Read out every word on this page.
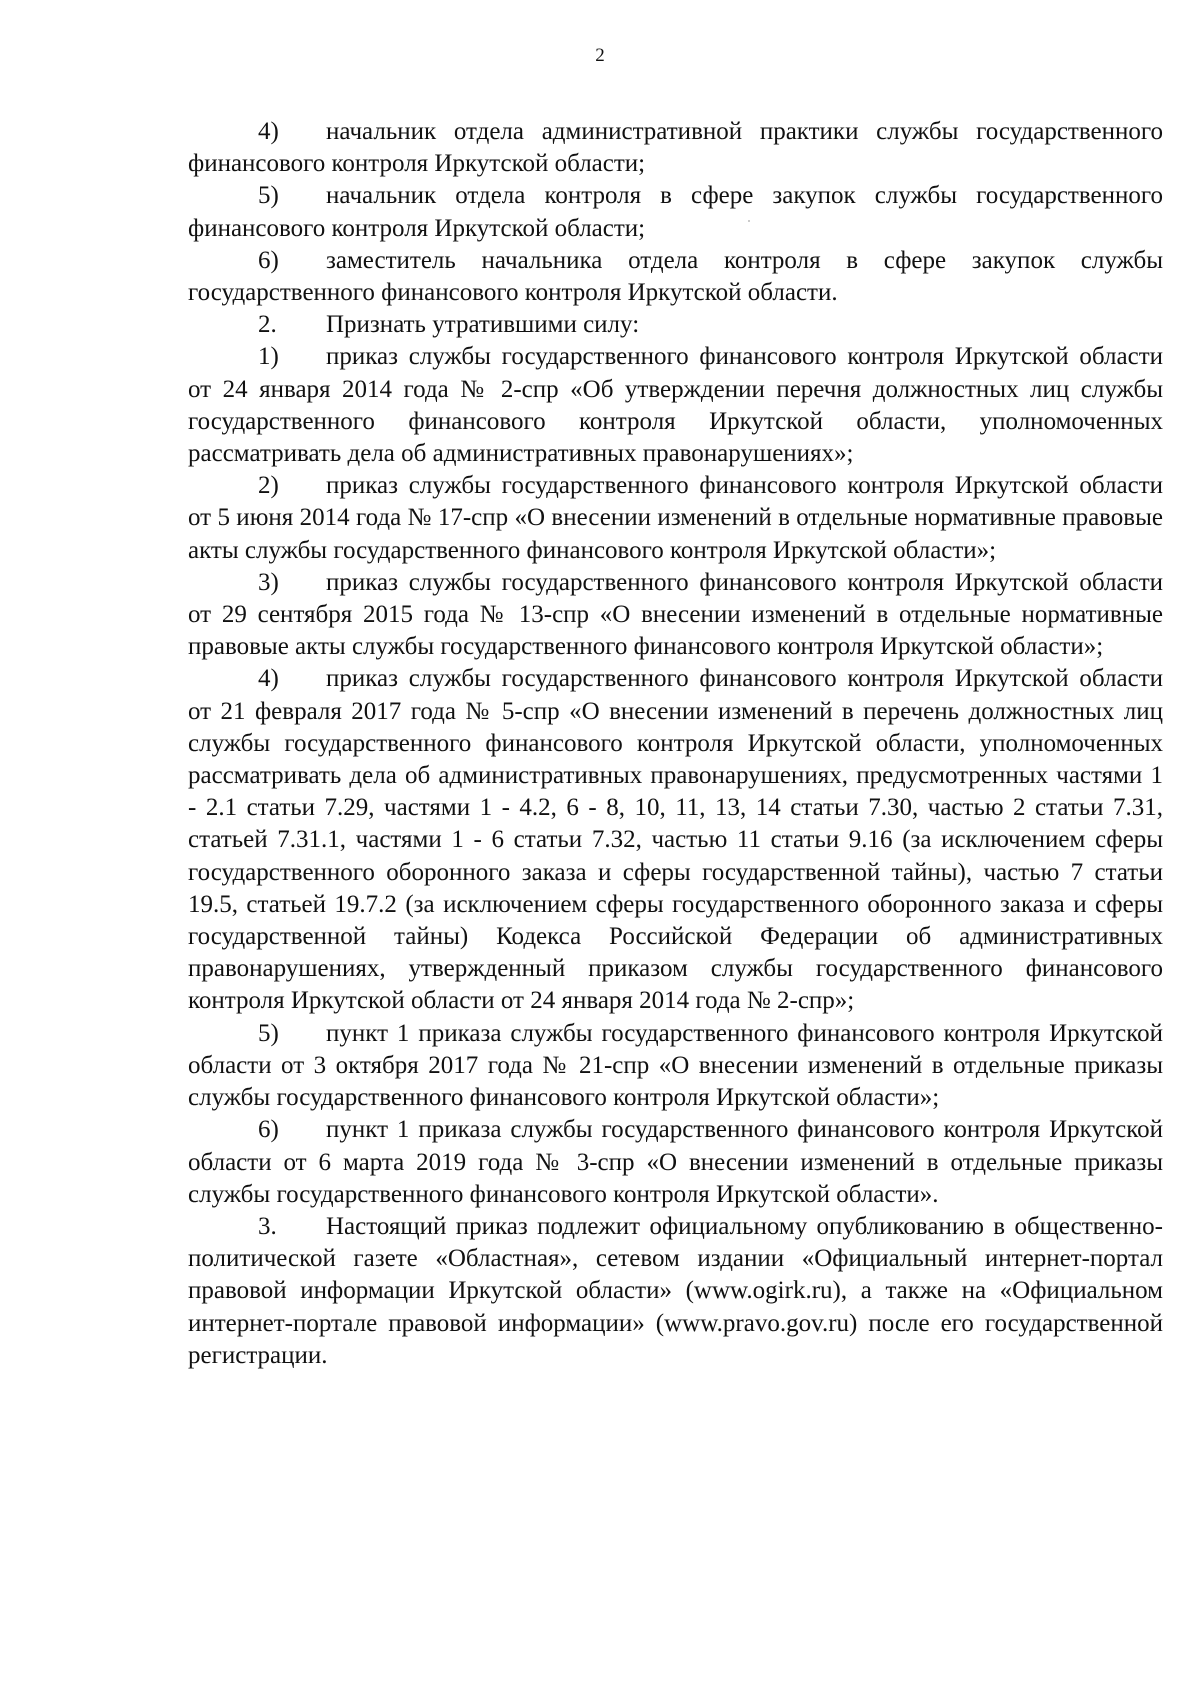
2

4) начальник отдела административной практики службы государственного финансового контроля Иркутской области;

5) начальник отдела контроля в сфере закупок службы государственного финансового контроля Иркутской области;

6) заместитель начальника отдела контроля в сфере закупок службы государственного финансового контроля Иркутской области.

2. Признать утратившими силу:

1) приказ службы государственного финансового контроля Иркутской области от 24 января 2014 года № 2-спр «Об утверждении перечня должностных лиц службы государственного финансового контроля Иркутской области, уполномоченных рассматривать дела об административных правонарушениях»;

2) приказ службы государственного финансового контроля Иркутской области от 5 июня 2014 года № 17-спр «О внесении изменений в отдельные нормативные правовые акты службы государственного финансового контроля Иркутской области»;

3) приказ службы государственного финансового контроля Иркутской области от 29 сентября 2015 года № 13-спр «О внесении изменений в отдельные нормативные правовые акты службы государственного финансового контроля Иркутской области»;

4) приказ службы государственного финансового контроля Иркутской области от 21 февраля 2017 года № 5-спр «О внесении изменений в перечень должностных лиц службы государственного финансового контроля Иркутской области, уполномоченных рассматривать дела об административных правонарушениях, предусмотренных частями 1 - 2.1 статьи 7.29, частями 1 - 4.2, 6 - 8, 10, 11, 13, 14 статьи 7.30, частью 2 статьи 7.31, статьей 7.31.1, частями 1 - 6 статьи 7.32, частью 11 статьи 9.16 (за исключением сферы государственного оборонного заказа и сферы государственной тайны), частью 7 статьи 19.5, статьей 19.7.2 (за исключением сферы государственного оборонного заказа и сферы государственной тайны) Кодекса Российской Федерации об административных правонарушениях, утвержденный приказом службы государственного финансового контроля Иркутской области от 24 января 2014 года № 2-спр»;

5) пункт 1 приказа службы государственного финансового контроля Иркутской области от 3 октября 2017 года № 21-спр «О внесении изменений в отдельные приказы службы государственного финансового контроля Иркутской области»;

6) пункт 1 приказа службы государственного финансового контроля Иркутской области от 6 марта 2019 года № 3-спр «О внесении изменений в отдельные приказы службы государственного финансового контроля Иркутской области».

3. Настоящий приказ подлежит официальному опубликованию в общественно-политической газете «Областная», сетевом издании «Официальный интернет-портал правовой информации Иркутской области» (www.ogirk.ru), а также на «Официальном интернет-портале правовой информации» (www.pravo.gov.ru) после его государственной регистрации.
